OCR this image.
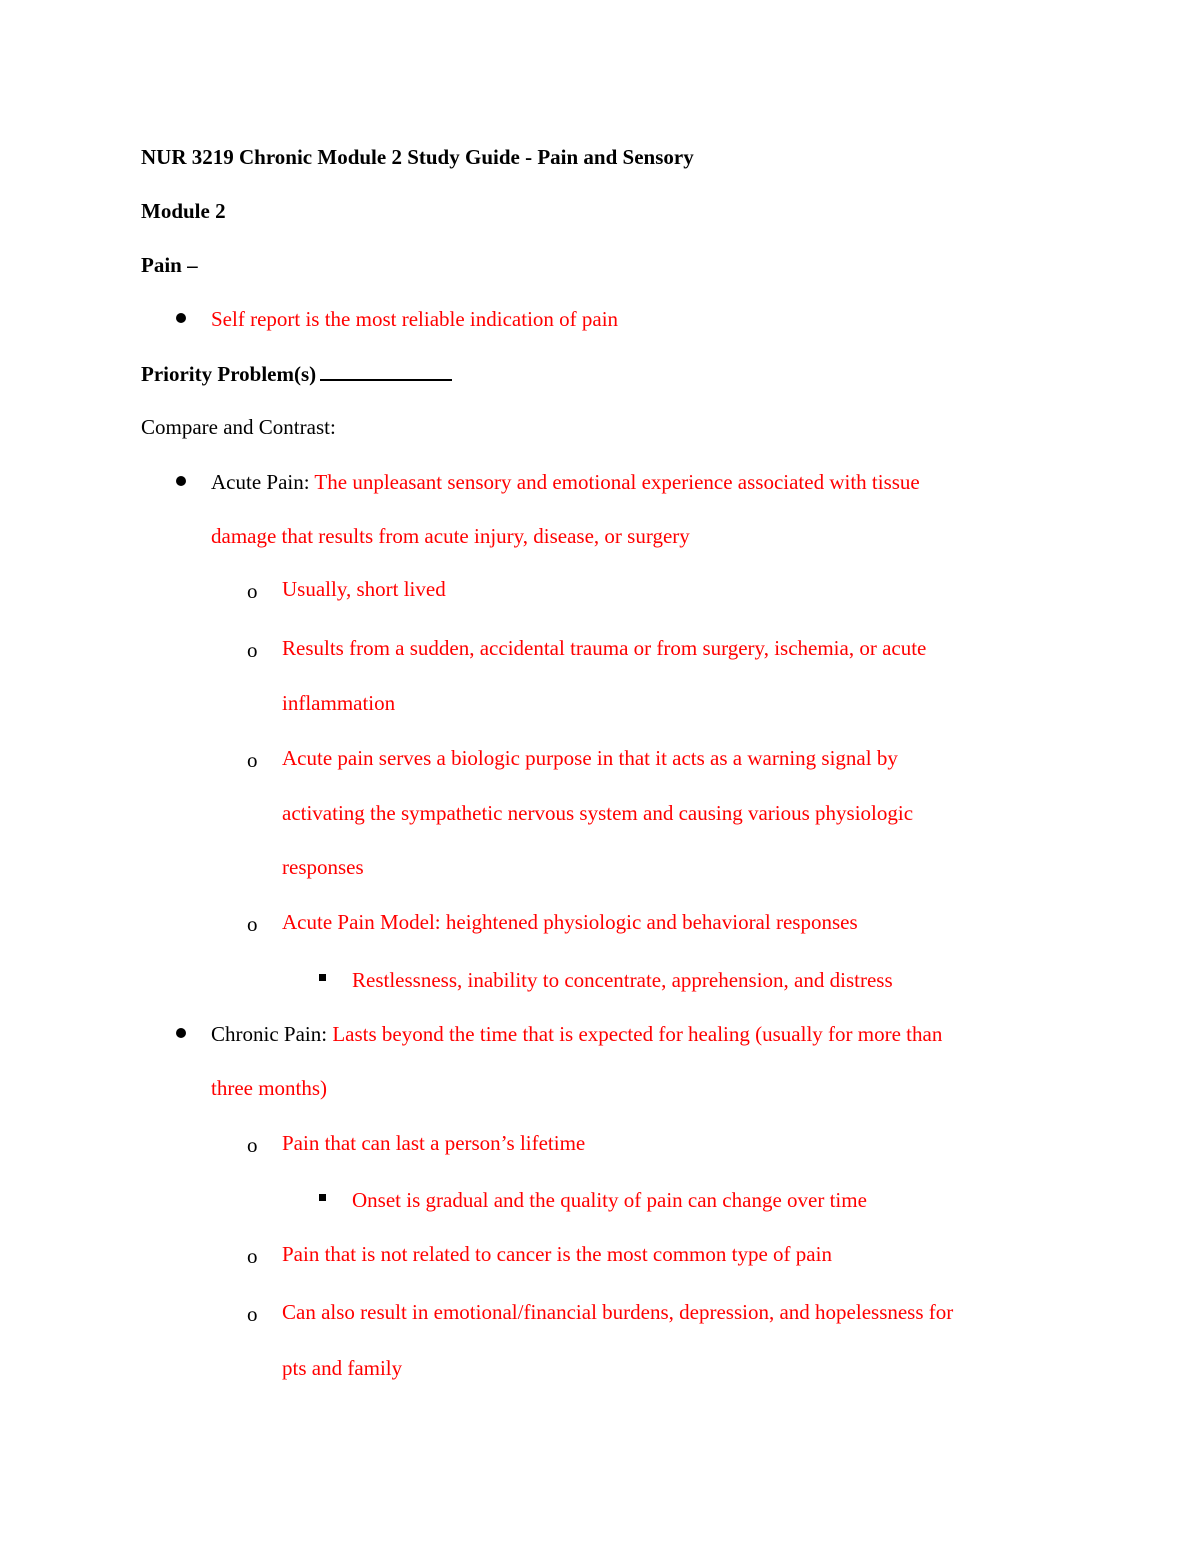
NUR 3219 Chronic Module 2 Study Guide - Pain and Sensory
Module 2
Pain –
Self report is the most reliable indication of pain
Priority Problem(s)
Compare and Contrast:
Acute Pain: The unpleasant sensory and emotional experience associated with tissue
damage that results from acute injury, disease, or surgery
o Usually, short lived
o Results from a sudden, accidental trauma or from surgery, ischemia, or acute
inflammation
o Acute pain serves a biologic purpose in that it acts as a warning signal by
activating the sympathetic nervous system and causing various physiologic
responses
o Acute Pain Model: heightened physiologic and behavioral responses
Restlessness, inability to concentrate, apprehension, and distress
Chronic Pain: Lasts beyond the time that is expected for healing (usually for more than
three months)
o Pain that can last a person’s lifetime
Onset is gradual and the quality of pain can change over time
o Pain that is not related to cancer is the most common type of pain
o Can also result in emotional/financial burdens, depression, and hopelessness for
pts and family
